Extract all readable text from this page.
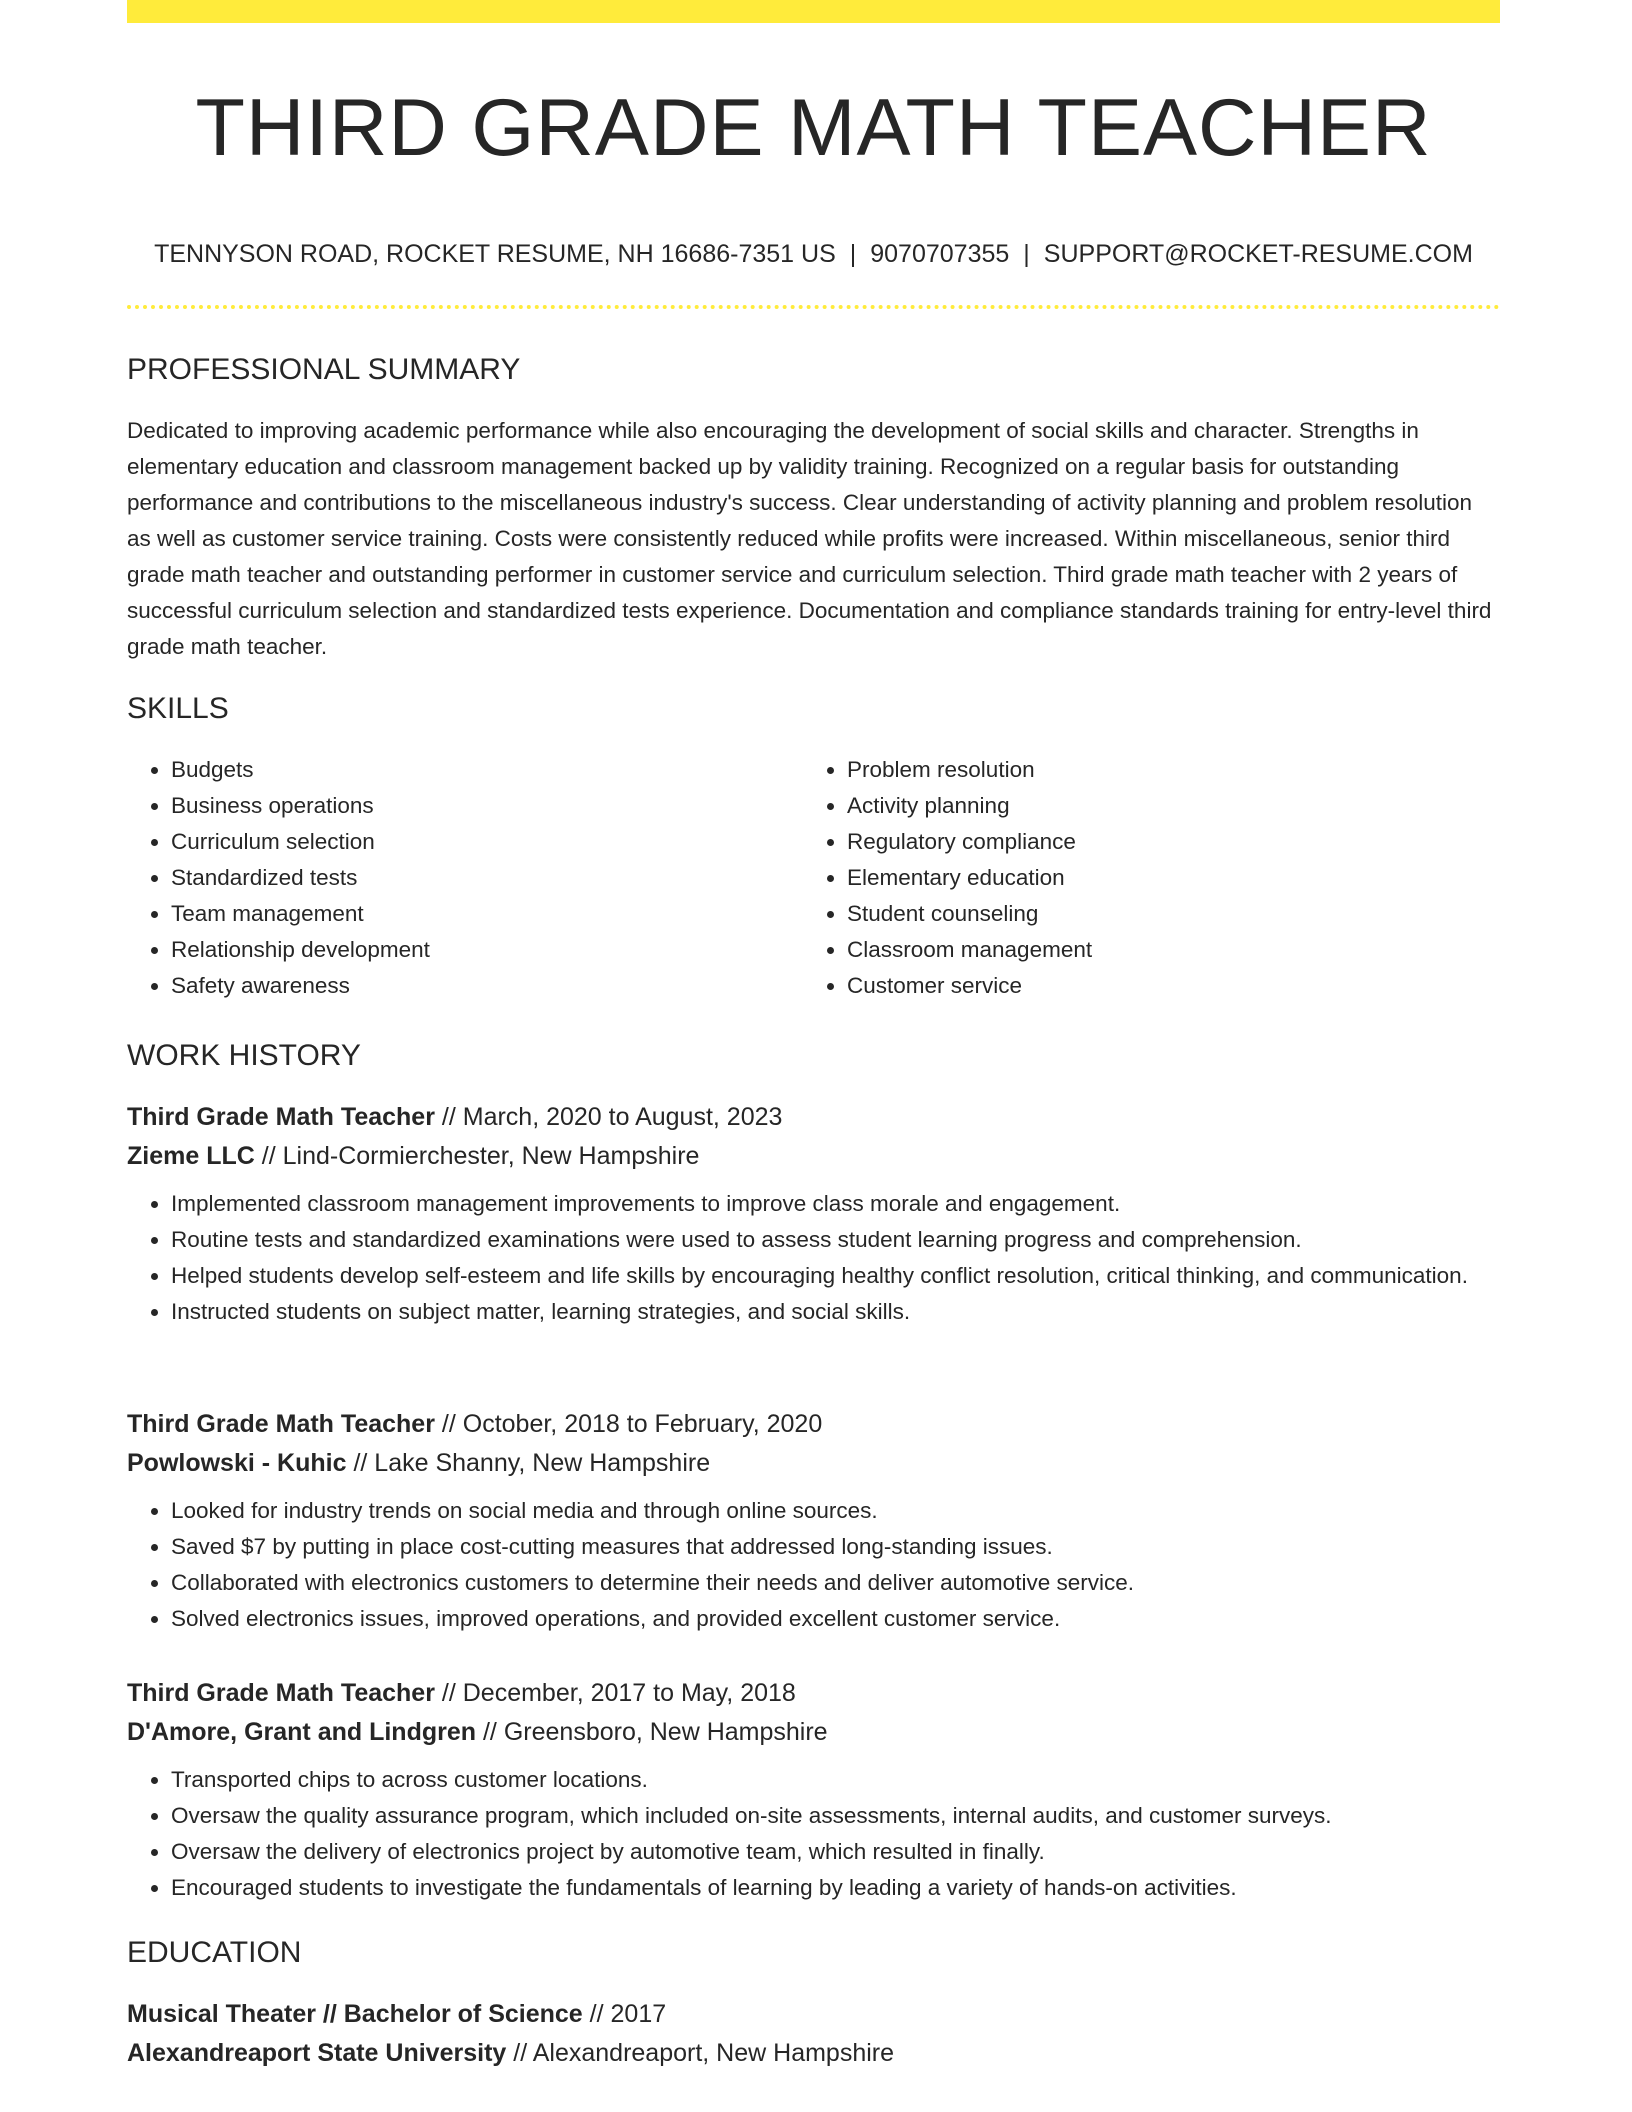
THIRD GRADE MATH TEACHER
TENNYSON ROAD, ROCKET RESUME, NH 16686-7351 US | 9070707355 | SUPPORT@ROCKET-RESUME.COM
PROFESSIONAL SUMMARY

Dedicated to improving academic performance while also encouraging the development of social skills and character. Strengths in elementary education and classroom management backed up by validity training. Recognized on a regular basis for outstanding performance and contributions to the miscellaneous industry's success. Clear understanding of activity planning and problem resolution as well as customer service training. Costs were consistently reduced while profits were increased. Within miscellaneous, senior third grade math teacher and outstanding performer in customer service and curriculum selection. Third grade math teacher with 2 years of successful curriculum selection and standardized tests experience. Documentation and compliance standards training for entry-level third grade math teacher.

SKILLS
• Budgets
• Business operations
• Curriculum selection
• Standardized tests
• Team management
• Relationship development
• Safety awareness
• Problem resolution
• Activity planning
• Regulatory compliance
• Elementary education
• Student counseling
• Classroom management
• Customer service
WORK HISTORY
Third Grade Math Teacher // March, 2020 to August, 2023
Zieme LLC // Lind-Cormierchester, New Hampshire
• Implemented classroom management improvements to improve class morale and engagement.
• Routine tests and standardized examinations were used to assess student learning progress and comprehension.
• Helped students develop self-esteem and life skills by encouraging healthy conflict resolution, critical thinking, and communication.
• Instructed students on subject matter, learning strategies, and social skills.
Third Grade Math Teacher // October, 2018 to February, 2020
Powlowski - Kuhic // Lake Shanny, New Hampshire
• Looked for industry trends on social media and through online sources.
• Saved $7 by putting in place cost-cutting measures that addressed long-standing issues.
• Collaborated with electronics customers to determine their needs and deliver automotive service.
• Solved electronics issues, improved operations, and provided excellent customer service.
Third Grade Math Teacher // December, 2017 to May, 2018
D'Amore, Grant and Lindgren // Greensboro, New Hampshire
• Transported chips to across customer locations.
• Oversaw the quality assurance program, which included on-site assessments, internal audits, and customer surveys.
• Oversaw the delivery of electronics project by automotive team, which resulted in finally.
• Encouraged students to investigate the fundamentals of learning by leading a variety of hands-on activities.
EDUCATION
Musical Theater // Bachelor of Science // 2017
Alexandreaport State University // Alexandreaport, New Hampshire
